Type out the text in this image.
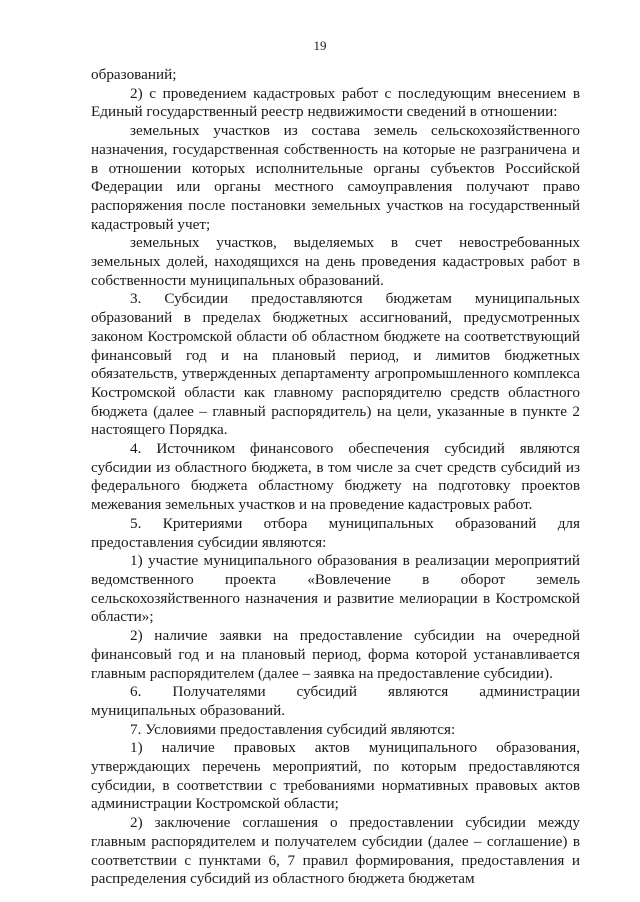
19

образований;

2) с проведением кадастровых работ с последующим внесением в Единый государственный реестр недвижимости сведений в отношении:

земельных участков из состава земель сельскохозяйственного назначения, государственная собственность на которые не разграничена и в отношении которых исполнительные органы субъектов Российской Федерации или органы местного самоуправления получают право распоряжения после постановки земельных участков на государственный кадастровый учет;

земельных участков, выделяемых в счет невостребованных земельных долей, находящихся на день проведения кадастровых работ в собственности муниципальных образований.

3. Субсидии предоставляются бюджетам муниципальных образований в пределах бюджетных ассигнований, предусмотренных законом Костромской области об областном бюджете на соответствующий финансовый год и на плановый период, и лимитов бюджетных обязательств, утвержденных департаменту агропромышленного комплекса Костромской области как главному распорядителю средств областного бюджета (далее – главный распорядитель) на цели, указанные в пункте 2 настоящего Порядка.

4. Источником финансового обеспечения субсидий являются субсидии из областного бюджета, в том числе за счет средств субсидий из федерального бюджета областному бюджету на подготовку проектов межевания земельных участков и на проведение кадастровых работ.

5. Критериями отбора муниципальных образований для предоставления субсидии являются:

1) участие муниципального образования в реализации мероприятий ведомственного проекта «Вовлечение в оборот земель сельскохозяйственного назначения и развитие мелиорации в Костромской области»;

2) наличие заявки на предоставление субсидии на очередной финансовый год и на плановый период, форма которой устанавливается главным распорядителем (далее – заявка на предоставление субсидии).

6. Получателями субсидий являются администрации муниципальных образований.

7. Условиями предоставления субсидий являются:

1) наличие правовых актов муниципального образования, утверждающих перечень мероприятий, по которым предоставляются субсидии, в соответствии с требованиями нормативных правовых актов администрации Костромской области;

2) заключение соглашения о предоставлении субсидии между главным распорядителем и получателем субсидии (далее – соглашение) в соответствии с пунктами 6, 7 правил формирования, предоставления и распределения субсидий из областного бюджета бюджетам
